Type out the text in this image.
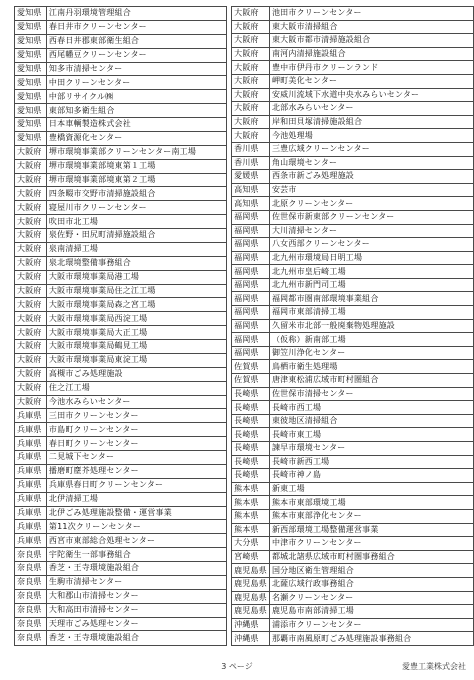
愛知県	江南丹羽環境管理組合
愛知県	春日井市クリーンセンター
愛知県	西春日井郡東部衛生組合
愛知県	西尾幡豆クリーンセンター
愛知県	知多市清掃センター
愛知県	中田クリーンセンター
愛知県	中部リサイクル㈱
愛知県	東部知多衛生組合
愛知県	日本車輌製造株式会社
愛知県	豊橋資源化センター
大阪府	堺市環境事業部クリーンセンター南工場
大阪府	堺市環境事業部境東第１工場
大阪府	堺市環境事業部境東第２工場
大阪府	四条畷市交野市清掃施設組合
大阪府	寝屋川市クリーンセンター
大阪府	吹田市北工場
大阪府	泉佐野・田尻町清掃施設組合
大阪府	泉南清掃工場
大阪府	泉北環境整備事務組合
大阪府	大阪市環境事業局港工場
大阪府	大阪市環境事業局住之江工場
大阪府	大阪市環境事業局森之宮工場
大阪府	大阪市環境事業局西淀工場
大阪府	大阪市環境事業局大正工場
大阪府	大阪市環境事業局鶴見工場
大阪府	大阪市環境事業局東淀工場
大阪府	高槻市ごみ処理施設
大阪府	住之江工場
大阪府	今池水みらいセンター
兵庫県	三田市クリーンセンター
兵庫県	市島町クリーンセンター
兵庫県	春日町クリーンセンター
兵庫県	二見城下センター
兵庫県	播磨町塵芥処理センター
兵庫県	兵庫県春日町クリーンセンター
兵庫県	北伊清掃工場
兵庫県	北伊ごみ処理施設整備・運営事業
兵庫県	第11次クリーンセンター
兵庫県	西宮市東部総合処理センター
奈良県	宇陀衛生一部事務組合
奈良県	香芝・王寺環境施設組合
奈良県	生駒市清掃センター
奈良県	大和郡山市清掃センター
奈良県	大和高田市清掃センター
奈良県	天理市ごみ処理センター
奈良県	香芝・王寺環境施設組合
大阪府	池田市クリーンセンター
大阪府	東大阪市清掃組合
大阪府	東大阪市都市清掃施設組合
大阪府	南河内清掃施設組合
大阪府	豊中市伊丹市クリーンランド
大阪府	岬町美化センター
大阪府	安威川流域下水道中央水みらいセンター
大阪府	北部水みらいセンター
大阪府	岸和田貝塚清掃施設組合
大阪府	今池処理場
香川県	三豊広域クリーンセンター
香川県	角山環境センター
愛媛県	西条市新ごみ処理施設
高知県	安芸市
高知県	北原クリーンセンター
福岡県	佐世保市新東部クリーンセンター
福岡県	大川清掃センター
福岡県	八女西部クリーンセンター
福岡県	北九州市環境局日明工場
福岡県	北九州市皇后崎工場
福岡県	北九州市新門司工場
福岡県	福岡都市圏南部環境事業組合
福岡県	福岡市東部清掃工場
福岡県	久留米市北部一般廃棄物処理施設
福岡県	（仮称）新南部工場
福岡県	御笠川浄化センター
佐賀県	鳥栖市衛生処理場
佐賀県	唐津東松浦広域市町村圏組合
長崎県	佐世保市清掃センター
長崎県	長崎市西工場
長崎県	東彼地区清掃組合
長崎県	長崎市東工場
長崎県	諫早市環境センター
長崎県	長崎市新西工場
長崎県	長崎市神ノ島
熊本県	新東工場
熊本県	熊本市東部環境工場
熊本県	熊本市東部浄化センター
熊本県	新西部環境工場整備運営事業
大分県	中津市クリーンセンター
宮崎県	都城北諸県広域市町村圏事務組合
鹿児島県	国分地区衛生管理組合
鹿児島県	北薩広域行政事務組合
鹿児島県	名瀬クリーンセンター
鹿児島県	鹿児島市南部清掃工場
沖縄県	浦添市クリーンセンター
沖縄県	那覇市南風原町ごみ処理施設事務組合
3 ページ	愛豊工業株式会社
